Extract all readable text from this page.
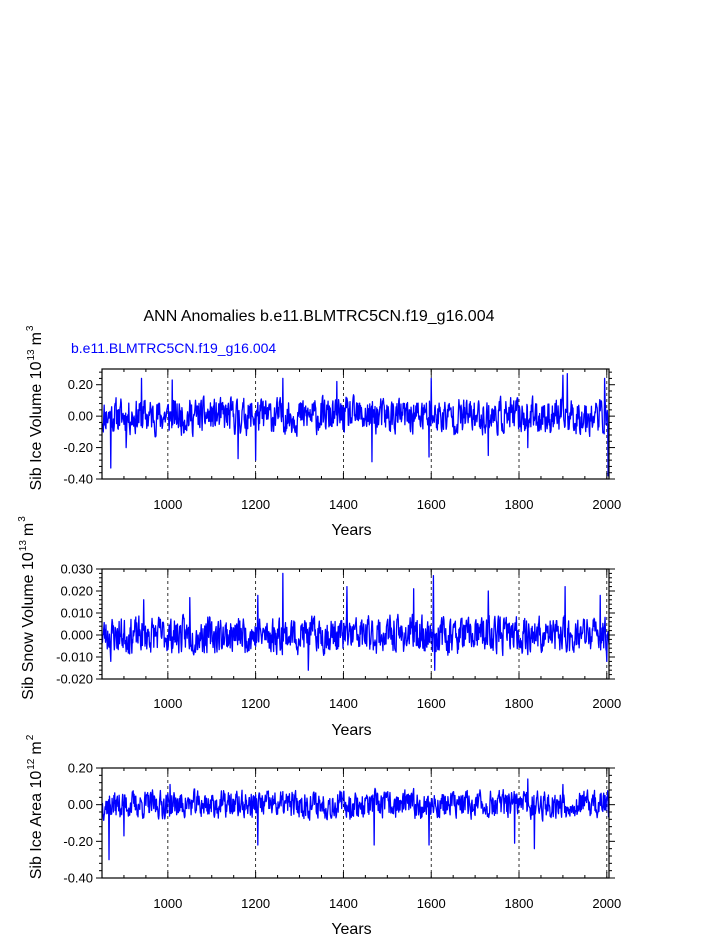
ANN Anomalies b.e11.BLMTRC5CN.f19_g16.004
b.e11.BLMTRC5CN.f19_g16.004
1000	1200	1400	1600	1800	2000
-0.40
-0.20
0.00
0.20
Years
Sib Ice Volume $10^{13}m^3$
1000	1200	1400	1600	1800	2000
-0.020
-0.010
0.000
0.010
0.020
0.030
Years
Sib Snow Volume $10^{13}m^3$
1000	1200	1400	1600	1800	2000
-0.40
-0.20
0.00
0.20
Years
Sib Ice Area $10^{12}m^2$
